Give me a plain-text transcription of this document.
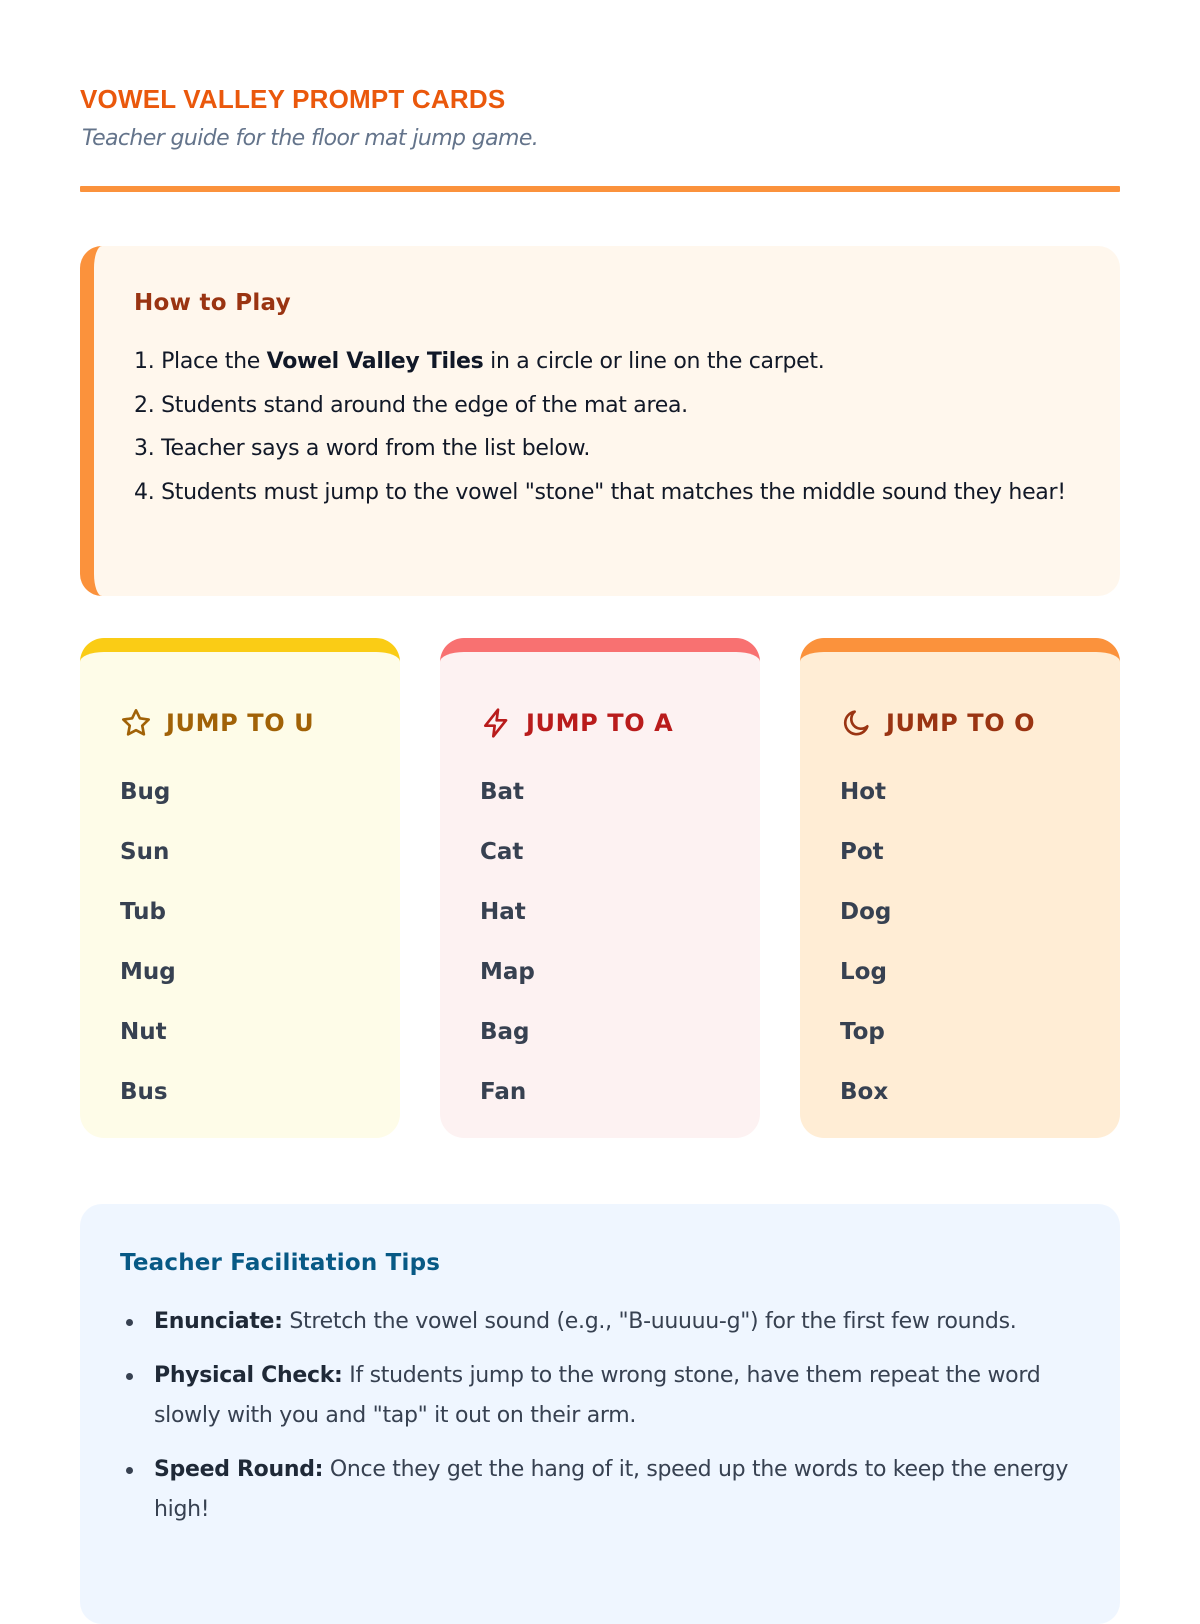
VOWEL VALLEY PROMPT CARDS

Teacher guide for the floor mat jump game.

How to Play
1. Place the Vowel Valley Tiles in a circle or line on the carpet.
2. Students stand around the edge of the mat area.
3. Teacher says a word from the list below.
4. Students must jump to the vowel "stone" that matches the middle sound they hear!
JUMP TO U
Bug
Sun
Tub
Mug
Nut
Bus
JUMP TO A
Bat
Cat
Hat
Map
Bag
Fan
JUMP TO O
Hot
Pot
Dog
Log
Top
Box
Teacher Facilitation Tips
Enunciate: Stretch the vowel sound (e.g., "B-uuuuu-g") for the first few rounds.
Physical Check: If students jump to the wrong stone, have them repeat the word slowly with you and "tap" it out on their arm.
Speed Round: Once they get the hang of it, speed up the words to keep the energy high!
